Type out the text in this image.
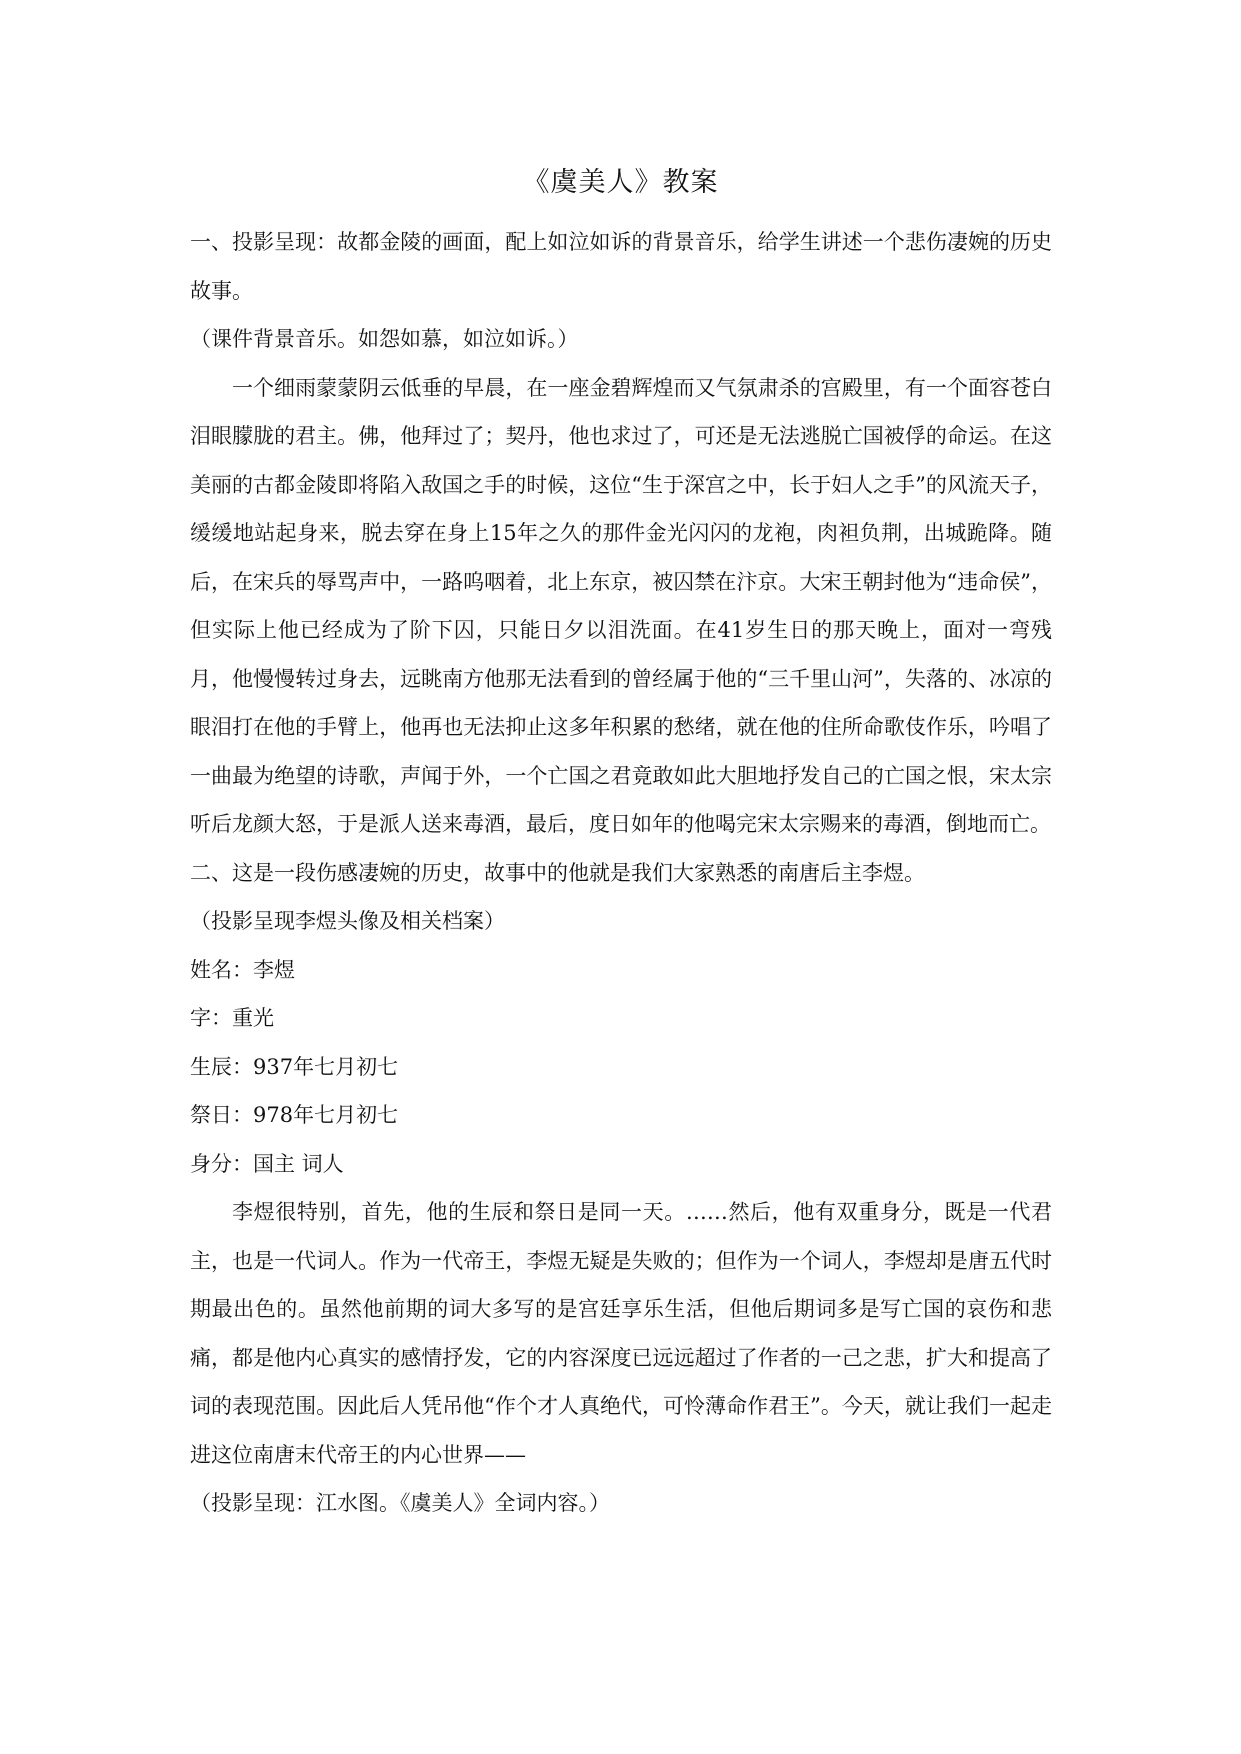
《虞美人》教案

一、投影呈现：故都金陵的画面，配上如泣如诉的背景音乐，给学生讲述一个悲伤凄婉的历史故事。

（课件背景音乐。如怨如慕，如泣如诉。）

一个细雨蒙蒙阴云低垂的早晨，在一座金碧辉煌而又气氛肃杀的宫殿里，有一个面容苍白泪眼朦胧的君主。佛，他拜过了；契丹，他也求过了，可还是无法逃脱亡国被俘的命运。在这美丽的古都金陵即将陷入敌国之手的时候，这位“生于深宫之中，长于妇人之手”的风流天子，缓缓地站起身来，脱去穿在身上15年之久的那件金光闪闪的龙袍，肉袒负荆，出城跪降。随后，在宋兵的辱骂声中，一路呜咽着，北上东京，被囚禁在汴京。大宋王朝封他为“违命侯”，但实际上他已经成为了阶下囚，只能日夕以泪洗面。在41岁生日的那天晚上，面对一弯残月，他慢慢转过身去，远眺南方他那无法看到的曾经属于他的“三千里山河”，失落的、冰凉的眼泪打在他的手臂上，他再也无法抑止这多年积累的愁绪，就在他的住所命歌伎作乐，吟唱了一曲最为绝望的诗歌，声闻于外，一个亡国之君竟敢如此大胆地抒发自己的亡国之恨，宋太宗听后龙颜大怒，于是派人送来毒酒，最后，度日如年的他喝完宋太宗赐来的毒酒，倒地而亡。

二、这是一段伤感凄婉的历史，故事中的他就是我们大家熟悉的南唐后主李煜。

（投影呈现李煜头像及相关档案）

姓名：李煜

字：重光

生辰：937年七月初七

祭日：978年七月初七

身分：国主 词人

李煜很特别，首先，他的生辰和祭日是同一天。……然后，他有双重身分，既是一代君主，也是一代词人。作为一代帝王，李煜无疑是失败的；但作为一个词人，李煜却是唐五代时期最出色的。虽然他前期的词大多写的是宫廷享乐生活，但他后期词多是写亡国的哀伤和悲痛，都是他内心真实的感情抒发，它的内容深度已远远超过了作者的一己之悲，扩大和提高了词的表现范围。因此后人凭吊他“作个才人真绝代，可怜薄命作君王”。今天，就让我们一起走进这位南唐末代帝王的内心世界——

（投影呈现：江水图。《虞美人》全词内容。）
